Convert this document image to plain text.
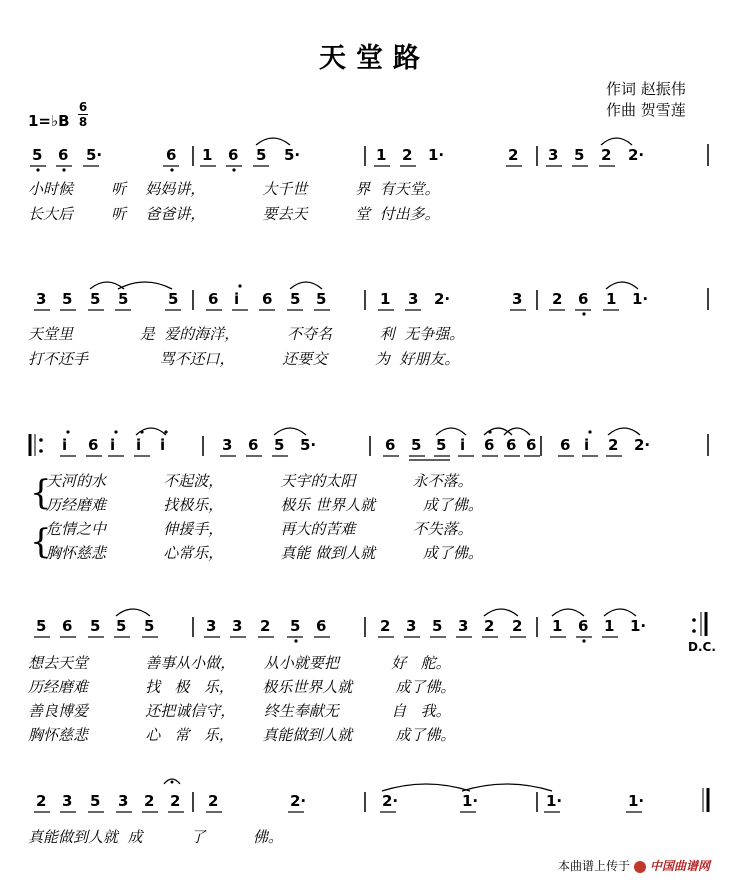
天堂路
作词 赵振伟
作曲 贺雪莲
1=♭B
6
8
5 6 5·	6 1 6 5 5·	1 2 1·	2 3 5 2 2·
3 5 5 5	5 6 i 6 5 5	1 3 2·	3 2 6 1 1·
i 6 i i i	3 6 5 5·	6 5 5 i 6 6 6 6 i 2 2·
5 6 5 5 5	3 3 2 5 6	2 3 5 3 2 2 1 6 1 1·
2 3 5 3 2 2 2	2·	2·	1·	1·	1·
小时候        听    妈妈讲，            大千世          界  有天堂。
长大后        听    爸爸讲，            要去天          堂  付出多。
天堂里              是  爱的海洋，          不夺名          利  无争强。
打不还手               骂不还口，          还要交          为  好朋友。
{
{
天河的水            不起波，            天宇的太阳            永不落。
历经磨难            找极乐，            极乐 世界人就          成了佛。
危情之中            伸援手，            再大的苦难            不失落。
胸怀慈悲            心常乐，            真能 做到人就          成了佛。
想去天堂            善事从小做，      从小就要把           好   舵。
历经磨难            找   极   乐，      极乐世界人就         成了佛。
善良博爱            还把诚信守，      终生奉献无           自   我。
胸怀慈悲            心   常   乐，      真能做到人就         成了佛。
D.C.
真能做到人就  成          了          佛。
本曲谱上传于 中国曲谱网
